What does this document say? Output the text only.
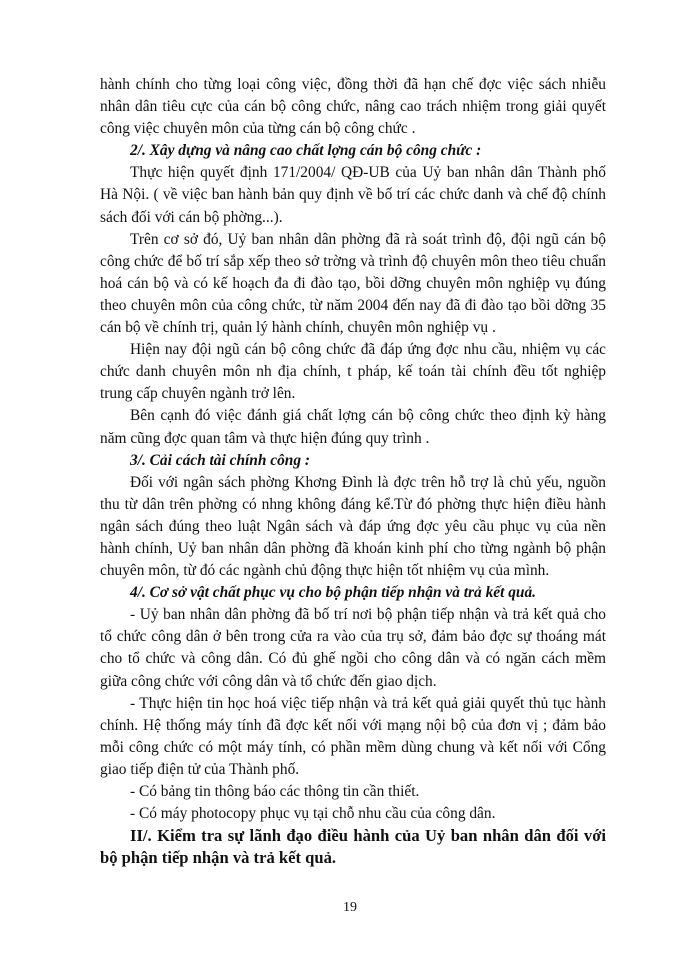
hành chính cho từng loại công việc, đồng thời đã hạn chế đợc việc sách nhiễu nhân dân tiêu cực của cán bộ công chức, nâng cao trách nhiệm trong giải quyết công việc chuyên môn của từng cán bộ công chức .

2/. Xây dựng và nâng cao chất lợng cán bộ công chức :

Thực hiện quyết định 171/2004/ QĐ-UB của Uỷ ban nhân dân Thành phố Hà Nội. ( về việc ban hành bản quy định về bố trí các chức danh và chế độ chính sách đối với cán bộ phờng...).

Trên cơ sở đó, Uỷ ban nhân dân phờng đã rà soát trình độ, đội ngũ cán bộ công chức để bố trí sắp xếp theo sở trờng và trình độ chuyên môn theo tiêu chuẩn hoá cán bộ và có kế hoạch đa đi đào tạo, bồi dỡng chuyên môn nghiệp vụ đúng theo chuyên môn của công chức, từ năm 2004 đến nay đã đi đào tạo bồi dỡng 35 cán bộ về chính trị, quản lý hành chính, chuyên môn nghiệp vụ .

Hiện nay đội ngũ cán bộ công chức đã đáp ứng đợc nhu cầu, nhiệm vụ các chức danh chuyên môn nh địa chính, t pháp, kế toán tài chính đều tốt nghiệp trung cấp chuyên ngành trở lên.

Bên cạnh đó việc đánh giá chất lợng cán bộ công chức theo định kỳ hàng năm cũng đợc quan tâm và thực hiện đúng quy trình .

3/. Cải cách tài chính công :

Đối với ngân sách phờng Khơng Đình là đợc trên hỗ trợ là chủ yếu, nguồn thu từ dân trên phờng có nhng không đáng kể.Từ đó phờng thực hiện điều hành ngân sách đúng theo luật Ngân sách và đáp ứng đợc yêu cầu phục vụ của nền hành chính, Uỷ ban nhân dân phờng đã khoán kinh phí cho từng ngành bộ phận chuyên môn, từ đó các ngành chủ động thực hiện tốt nhiệm vụ của mình.

4/. Cơ sở vật chất phục vụ cho bộ phận tiếp nhận và trả kết quả.

- Uỷ ban nhân dân phờng đã bố trí nơi bộ phận tiếp nhận và trả kết quả cho tổ chức công dân ở bên trong cửa ra vào của trụ sở, đảm bảo đợc sự thoáng mát cho tổ chức và công dân. Có đủ ghế ngồi cho công dân và có ngăn cách mềm giữa công chức với công dân và tổ chức đến giao dịch.

- Thực hiện tin học hoá việc tiếp nhận và trả kết quả giải quyết thủ tục hành chính. Hệ thống máy tính đã đợc kết nối với mạng nội bộ của đơn vị ; đảm bảo mỗi công chức có một máy tính, có phần mềm dùng chung và kết nối với Cổng giao tiếp điện tử của Thành phố.

- Có bảng tin thông báo các thông tin cần thiết.

- Có máy photocopy phục vụ tại chỗ nhu cầu của công dân.

II/. Kiểm tra sự lãnh đạo điều hành của Uỷ ban nhân dân đối với bộ phận tiếp nhận và trả kết quả.

19
